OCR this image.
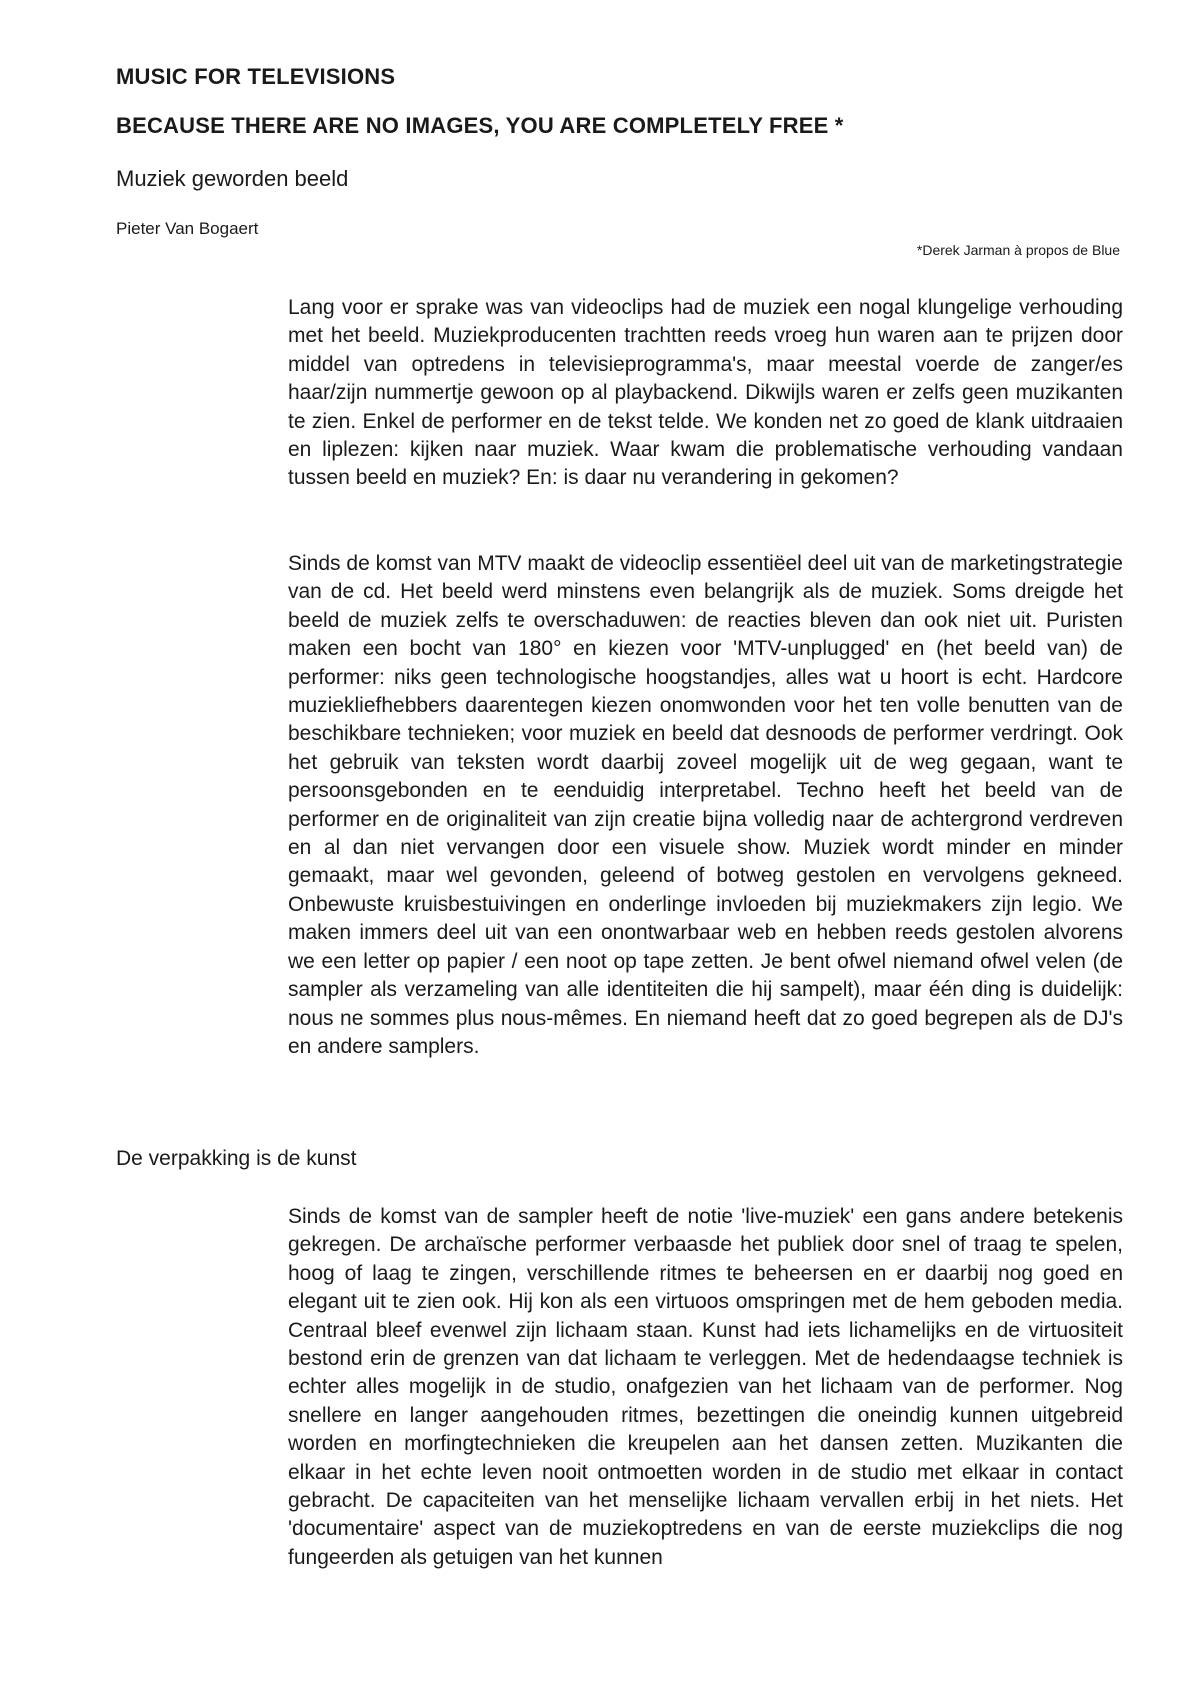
MUSIC FOR TELEVISIONS
BECAUSE THERE ARE NO IMAGES, YOU ARE COMPLETELY FREE *

Muziek geworden beeld

Pieter Van Bogaert

*Derek Jarman à propos de Blue

Lang voor er sprake was van videoclips had de muziek een nogal klungelige verhouding met het beeld. Muziekproducenten trachtten reeds vroeg hun waren aan te prijzen door middel van optredens in televisieprogramma's, maar meestal voerde de zanger/es haar/zijn nummertje gewoon op al playbackend. Dikwijls waren er zelfs geen muzikanten te zien. Enkel de performer en de tekst telde. We konden net zo goed de klank uitdraaien en liplezen: kijken naar muziek. Waar kwam die problematische verhouding vandaan tussen beeld en muziek? En: is daar nu verandering in gekomen?

Sinds de komst van MTV maakt de videoclip essentiëel deel uit van de marketingstrategie van de cd. Het beeld werd minstens even belangrijk als de muziek. Soms dreigde het beeld de muziek zelfs te overschaduwen: de reacties bleven dan ook niet uit. Puristen maken een bocht van 180° en kiezen voor 'MTV-unplugged' en (het beeld van) de performer: niks geen technologische hoogstandjes, alles wat u hoort is echt. Hardcore muziekliefhebbers daarentegen kiezen onomwonden voor het ten volle benutten van de beschikbare technieken; voor muziek en beeld dat desnoods de performer verdringt. Ook het gebruik van teksten wordt daarbij zoveel mogelijk uit de weg gegaan, want te persoonsgebonden en te eenduidig interpretabel. Techno heeft het beeld van de performer en de originaliteit van zijn creatie bijna volledig naar de achtergrond verdreven en al dan niet vervangen door een visuele show. Muziek wordt minder en minder gemaakt, maar wel gevonden, geleend of botweg gestolen en vervolgens gekneed. Onbewuste kruisbestuivingen en onderlinge invloeden bij muziekmakers zijn legio. We maken immers deel uit van een onontwarbaar web en hebben reeds gestolen alvorens we een letter op papier / een noot op tape zetten. Je bent ofwel niemand ofwel velen (de sampler als verzameling van alle identiteiten die hij sampelt), maar één ding is duidelijk: nous ne sommes plus nous-mêmes. En niemand heeft dat zo goed begrepen als de DJ's en andere samplers.

De verpakking is de kunst

Sinds de komst van de sampler heeft de notie 'live-muziek' een gans andere betekenis gekregen. De archaïsche performer verbaasde het publiek door snel of traag te spelen, hoog of laag te zingen, verschillende ritmes te beheersen en er daarbij nog goed en elegant uit te zien ook. Hij kon als een virtuoos omspringen met de hem geboden media. Centraal bleef evenwel zijn lichaam staan. Kunst had iets lichamelijks en de virtuositeit bestond erin de grenzen van dat lichaam te verleggen. Met de hedendaagse techniek is echter alles mogelijk in de studio, onafgezien van het lichaam van de performer. Nog snellere en langer aangehouden ritmes, bezettingen die oneindig kunnen uitgebreid worden en morfingtechnieken die kreupelen aan het dansen zetten. Muzikanten die elkaar in het echte leven nooit ontmoetten worden in de studio met elkaar in contact gebracht. De capaciteiten van het menselijke lichaam vervallen erbij in het niets. Het 'documentaire' aspect van de muziekoptredens en van de eerste muziekclips die nog fungeerden als getuigen van het kunnen
